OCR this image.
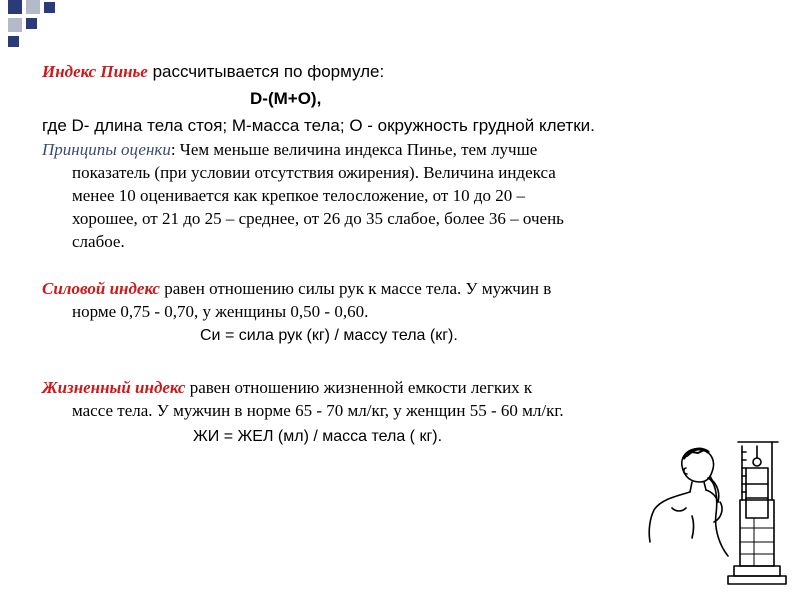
Индекс Пинье рассчитывается по формуле:
D-(M+O),
где D- длина тела стоя; М-масса тела; О - окружность грудной клетки.
Принципы оценки: Чем меньше величина индекса Пинье, тем лучше
показатель (при условии отсутствия ожирения). Величина индекса
менее 10 оценивается как крепкое телосложение, от 10 до 20 –
хорошее, от 21 до 25 – среднее, от 26 до 35 слабое, более 36 – очень
слабое.
Силовой индекс равен отношению силы рук к массе тела. У мужчин в
норме 0,75 - 0,70, у женщины 0,50 - 0,60.
Си = сила рук (кг) / массу тела (кг).
Жизненный индекс равен отношению жизненной емкости легких к
массе тела. У мужчин в норме 65 - 70 мл/кг, у женщин 55 - 60 мл/кг.
ЖИ = ЖЕЛ (мл) / масса тела ( кг).
